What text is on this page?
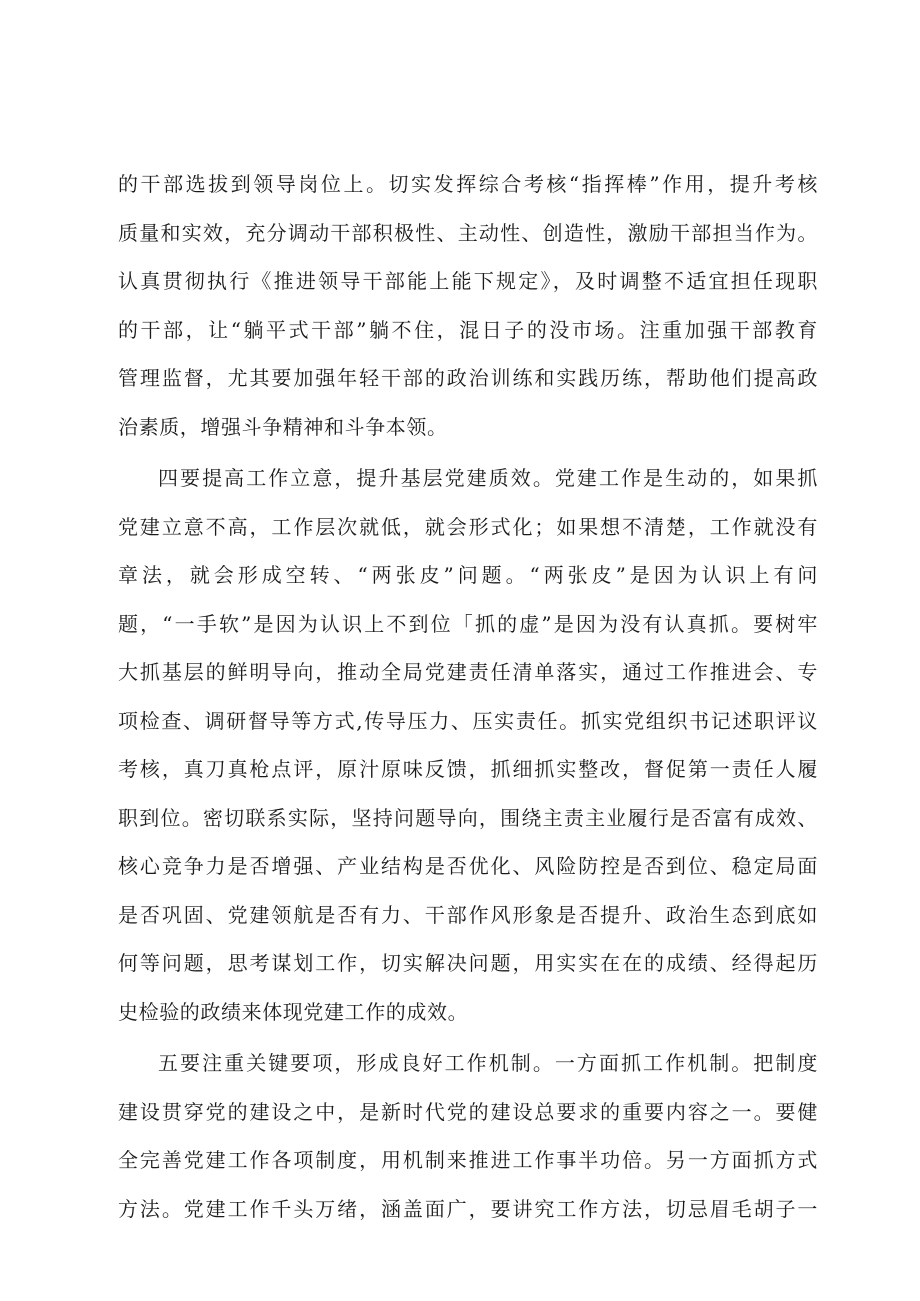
的干部选拔到领导岗位上。切实发挥综合考核“指挥棒”作用，提升考核
质量和实效，充分调动干部积极性、主动性、创造性，激励干部担当作为。
认真贯彻执行《推进领导干部能上能下规定》，及时调整不适宜担任现职
的干部，让“躺平式干部”躺不住，混日子的没市场。注重加强干部教育
管理监督，尤其要加强年轻干部的政治训练和实践历练，帮助他们提高政
治素质，增强斗争精神和斗争本领。
四要提高工作立意，提升基层党建质效。党建工作是生动的，如果抓
党建立意不高，工作层次就低，就会形式化；如果想不清楚，工作就没有
章法，就会形成空转、“两张皮”问题。“两张皮”是因为认识上有问
题，“一手软”是因为认识上不到位「抓的虚”是因为没有认真抓。要树牢
大抓基层的鲜明导向，推动全局党建责任清单落实，通过工作推进会、专
项检查、调研督导等方式,传导压力、压实责任。抓实党组织书记述职评议
考核，真刀真枪点评，原汁原味反馈，抓细抓实整改，督促第一责任人履
职到位。密切联系实际，坚持问题导向，围绕主责主业履行是否富有成效、
核心竞争力是否增强、产业结构是否优化、风险防控是否到位、稳定局面
是否巩固、党建领航是否有力、干部作风形象是否提升、政治生态到底如
何等问题，思考谋划工作，切实解决问题，用实实在在的成绩、经得起历
史检验的政绩来体现党建工作的成效。
五要注重关键要项，形成良好工作机制。一方面抓工作机制。把制度
建设贯穿党的建设之中，是新时代党的建设总要求的重要内容之一。要健
全完善党建工作各项制度，用机制来推进工作事半功倍。另一方面抓方式
方法。党建工作千头万绪，涵盖面广，要讲究工作方法，切忌眉毛胡子一
